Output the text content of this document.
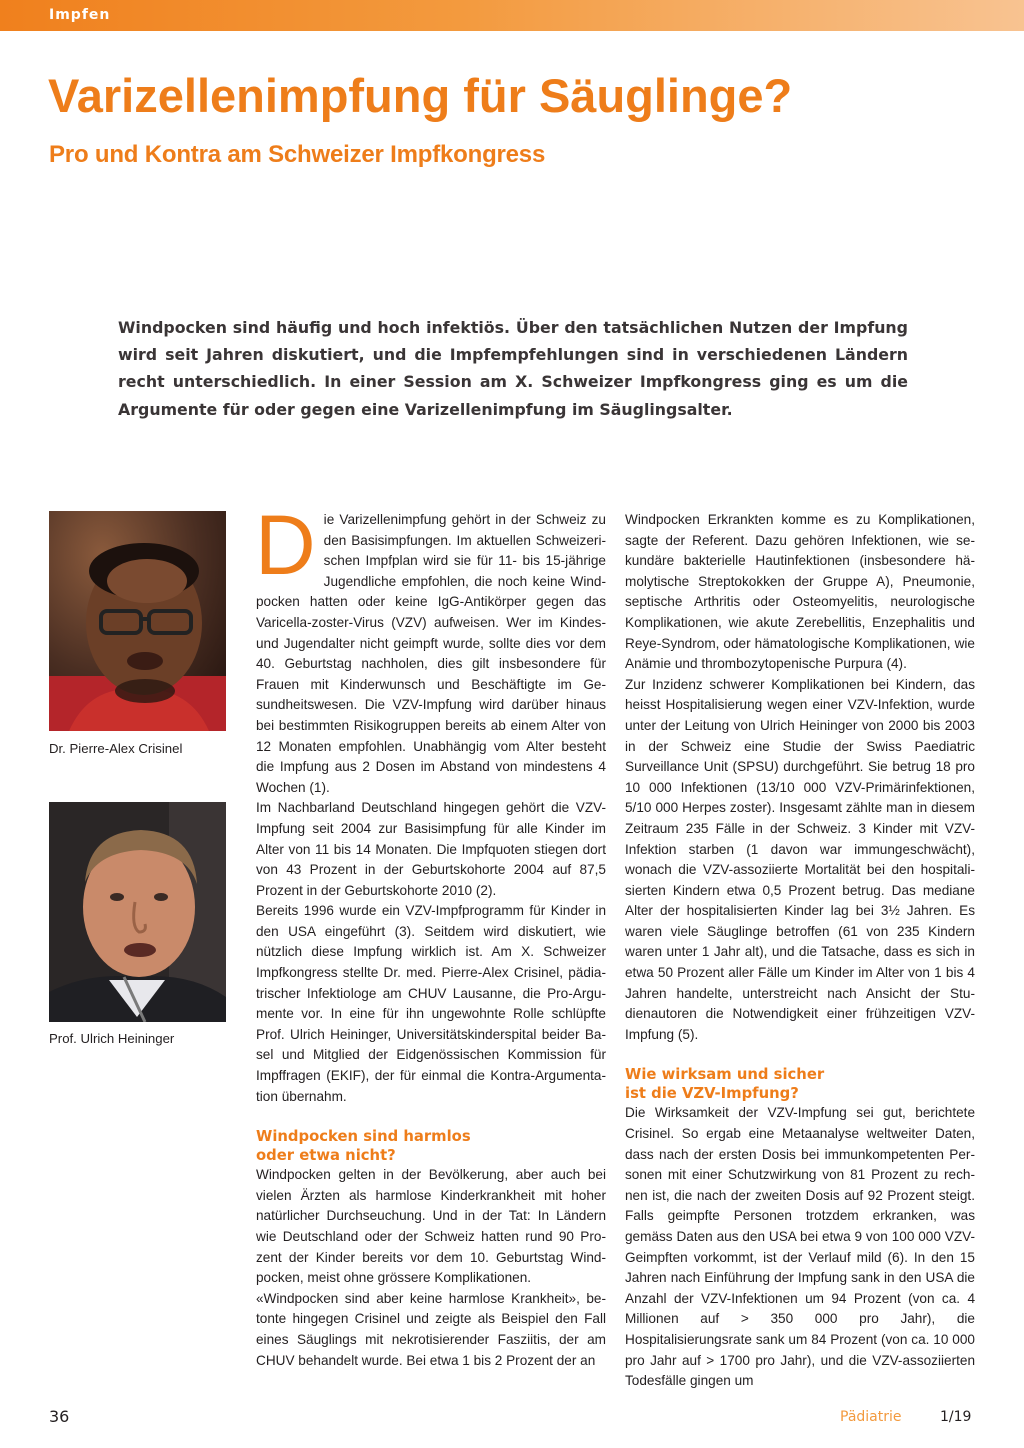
Impfen
Varizellenimpfung für Säuglinge?
Pro und Kontra am Schweizer Impfkongress

Windpocken sind häufig und hoch infektiös. Über den tatsächlichen Nutzen der Impfung wird seit Jahren diskutiert, und die Impfempfehlungen sind in verschiedenen Ländern recht unterschiedlich. In einer Session am X. Schweizer Impfkongress ging es um die Argumente für oder gegen eine Varizellenimpfung im Säuglingsalter.

Dr. Pierre-Alex Crisinel
Prof. Ulrich Heininger
D ie Varizellenimpfung gehört in der Schweiz zu den Basisimpfungen. Im aktuellen Schweizerischen Impfplan wird sie für 11- bis 15-jährige Jugendliche empfohlen, die noch keine Windpocken hatten oder keine IgG-Antikörper gegen das Varicella-zoster-Virus (VZV) aufweisen. Wer im Kindes- und Jugendalter nicht geimpft wurde, sollte dies vor dem 40. Geburtstag nachholen, dies gilt insbesondere für Frauen mit Kinderwunsch und Beschäftigte im Gesundheitswesen. Die VZV-Impfung wird darüber hinaus bei bestimmten Risikogruppen bereits ab einem Alter von 12 Monaten empfohlen. Unabhängig vom Alter besteht die Impfung aus 2 Dosen im Abstand von mindestens 4 Wochen (1).

Im Nachbarland Deutschland hingegen gehört die VZV-Impfung seit 2004 zur Basisimpfung für alle Kinder im Alter von 11 bis 14 Monaten. Die Impfquoten stiegen dort von 43 Prozent in der Geburtskohorte 2004 auf 87,5 Prozent in der Geburtskohorte 2010 (2).

Bereits 1996 wurde ein VZV-Impfprogramm für Kinder in den USA eingeführt (3). Seitdem wird diskutiert, wie nützlich diese Impfung wirklich ist. Am X. Schweizer Impfkongress stellte Dr. med. Pierre-Alex Crisinel, pädiatrischer Infektiologe am CHUV Lausanne, die Pro-Argumente vor. In eine für ihn ungewohnte Rolle schlüpfte Prof. Ulrich Heininger, Universitätskinderspital beider Basel und Mitglied der Eidgenössischen Kommission für Impffragen (EKIF), der für einmal die Kontra-Argumentation übernahm.

Windpocken sind harmlos
oder etwa nicht?

Windpocken gelten in der Bevölkerung, aber auch bei vielen Ärzten als harmlose Kinderkrankheit mit hoher natürlicher Durchseuchung. Und in der Tat: In Ländern wie Deutschland oder der Schweiz hatten rund 90 Prozent der Kinder bereits vor dem 10. Geburtstag Windpocken, meist ohne grössere Komplikationen.

«Windpocken sind aber keine harmlose Krankheit», betonte hingegen Crisinel und zeigte als Beispiel den Fall eines Säuglings mit nekrotisierender Fasziitis, der am CHUV behandelt wurde. Bei etwa 1 bis 2 Prozent der an

Windpocken Erkrankten komme es zu Komplikationen, sagte der Referent. Dazu gehören Infektionen, wie sekundäre bakterielle Hautinfektionen (insbesondere hämolytische Streptokokken der Gruppe A), Pneumonie, septische Arthritis oder Osteomyelitis, neurologische Komplikationen, wie akute Zerebellitis, Enzephalitis und Reye-Syndrom, oder hämatologische Komplikationen, wie Anämie und thrombozytopenische Purpura (4).

Zur Inzidenz schwerer Komplikationen bei Kindern, das heisst Hospitalisierung wegen einer VZV-Infektion, wurde unter der Leitung von Ulrich Heininger von 2000 bis 2003 in der Schweiz eine Studie der Swiss Paediatric Surveillance Unit (SPSU) durchgeführt. Sie betrug 18 pro 10 000 Infektionen (13/10 000 VZV-Primärinfektionen, 5/10 000 Herpes zoster). Insgesamt zählte man in diesem Zeitraum 235 Fälle in der Schweiz. 3 Kinder mit VZV-Infektion starben (1 davon war immungeschwächt), wonach die VZV-assoziierte Mortalität bei den hospitalisierten Kindern etwa 0,5 Prozent betrug. Das mediane Alter der hospitalisierten Kinder lag bei 3½ Jahren. Es waren viele Säuglinge betroffen (61 von 235 Kindern waren unter 1 Jahr alt), und die Tatsache, dass es sich in etwa 50 Prozent aller Fälle um Kinder im Alter von 1 bis 4 Jahren handelte, unterstreicht nach Ansicht der Studienautoren die Notwendigkeit einer frühzeitigen VZV-Impfung (5).

Wie wirksam und sicher
ist die VZV-Impfung?

Die Wirksamkeit der VZV-Impfung sei gut, berichtete Crisinel. So ergab eine Metaanalyse weltweiter Daten, dass nach der ersten Dosis bei immunkompetenten Personen mit einer Schutzwirkung von 81 Prozent zu rechnen ist, die nach der zweiten Dosis auf 92 Prozent steigt. Falls geimpfte Personen trotzdem erkranken, was gemäss Daten aus den USA bei etwa 9 von 100 000 VZV-Geimpften vorkommt, ist der Verlauf mild (6). In den 15 Jahren nach Einführung der Impfung sank in den USA die Anzahl der VZV-Infektionen um 94 Prozent (von ca. 4 Millionen auf > 350 000 pro Jahr), die Hospitalisierungsrate sank um 84 Prozent (von ca. 10 000 pro Jahr auf > 1700 pro Jahr), und die VZV-assoziierten Todesfälle gingen um

36	Pädiatrie	1/19
